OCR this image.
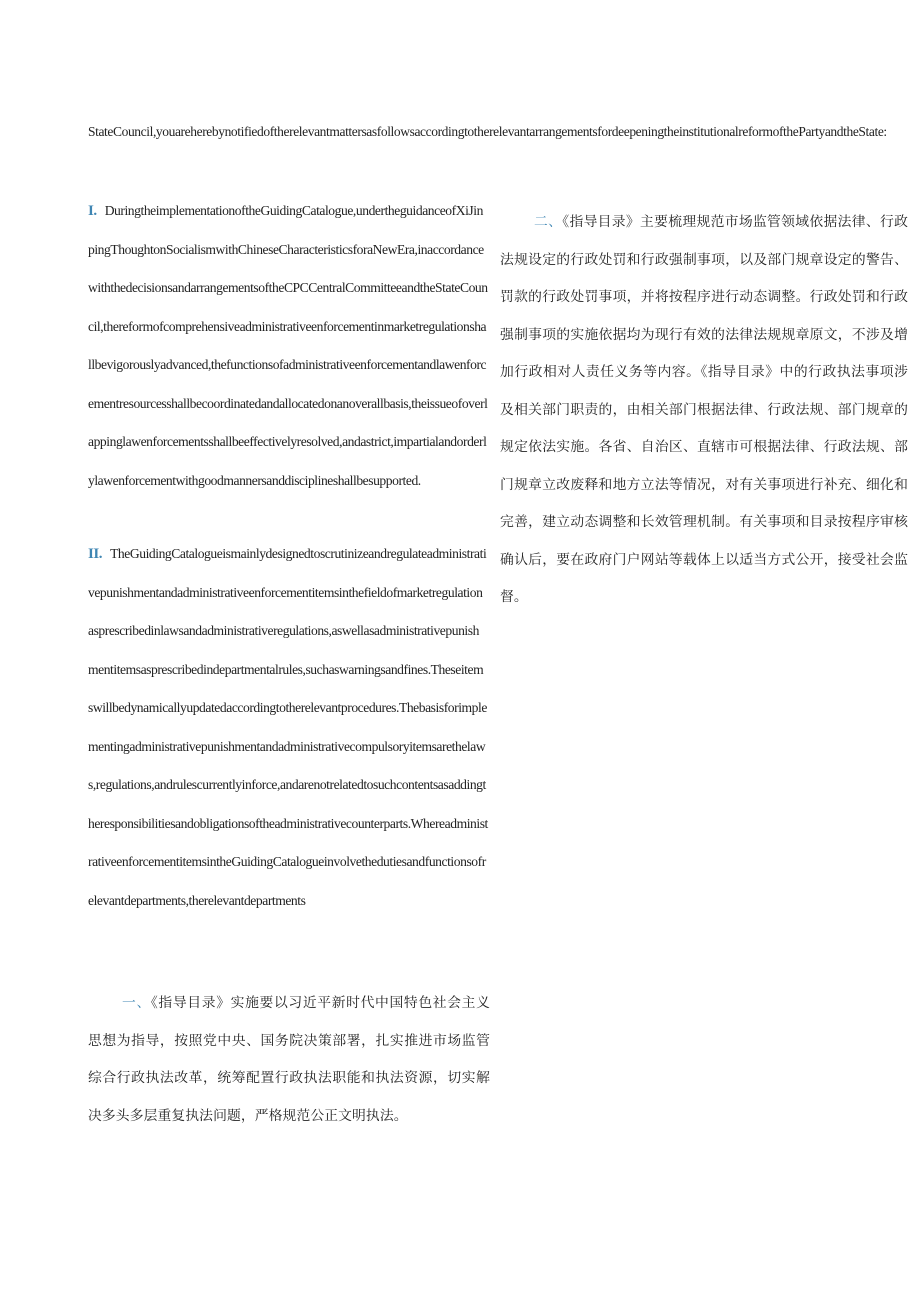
StateCouncil,youareherebynotifiedoftherelevantmattersasfollowsaccordingtotherelevantarrangementsfordeepeningtheinstitutionalreformofthePartyandtheState:

I. DuringtheimplementationoftheGuidingCatalogue,undertheguidanceofXiJinpingThoughtonSocialismwithChineseCharacteristicsforaNewEra,inaccordancewiththedecisionsandarrangementsoftheCPCCentralCommitteeandtheStateCouncil,thereformofcomprehensiveadministrativeenforcementinmarketregulationshallbevigorouslyadvanced,thefunctionsofadministrativeenforcementandlawenforcementresourcesshallbecoordinatedandallocatedonanoverallbasis,theissueofoverlappinglawenforcementsshallbeeffectivelyresolved,andastrict,impartialandorderlylawenforcementwithgoodmannersanddisciplineshallbesupported.

II. TheGuidingCatalogueismainlydesignedtoscrutinizeandregulateadministrativepunishmentandadministrativeenforcementitemsinthefieldofmarketregulationasprescribedinlawsandadministrativeregulations,aswellasadministrativepunishmentitemsasprescribedindepartmentalrules,suchaswarningsandfines.Theseitemswillbedynamicallyupdatedaccordingtotherelevantprocedures.Thebasisforimplementingadministrativepunishmentandadministrativecompulsoryitemsarethelaws,regulations,andrulescurrentlyinforce,andarenotrelatedtosuchcontentsasaddingtheresponsibilitiesandobligationsoftheadministrativecounterparts.WhereadministrativeenforcementitemsintheGuidingCatalogueinvolvethedutiesandfunctionsofrelevantdepartments,therelevantdepartments

一、《指导目录》实施要以习近平新时代中国特色社会主义思想为指导，按照党中央、国务院决策部署，扎实推进市场监管综合行政执法改革，统筹配置行政执法职能和执法资源，切实解决多头多层重复执法问题，严格规范公正文明执法。

二、《指导目录》主要梳理规范市场监管领域依据法律、行政法规设定的行政处罚和行政强制事项，以及部门规章设定的警告、罚款的行政处罚事项，并将按程序进行动态调整。行政处罚和行政强制事项的实施依据均为现行有效的法律法规规章原文，不涉及增加行政相对人责任义务等内容。《指导目录》中的行政执法事项涉及相关部门职责的，由相关部门根据法律、行政法规、部门规章的规定依法实施。各省、自治区、直辖市可根据法律、行政法规、部门规章立改废释和地方立法等情况，对有关事项进行补充、细化和完善，建立动态调整和长效管理机制。有关事项和目录按程序审核确认后，要在政府门户网站等载体上以适当方式公开，接受社会监督。
